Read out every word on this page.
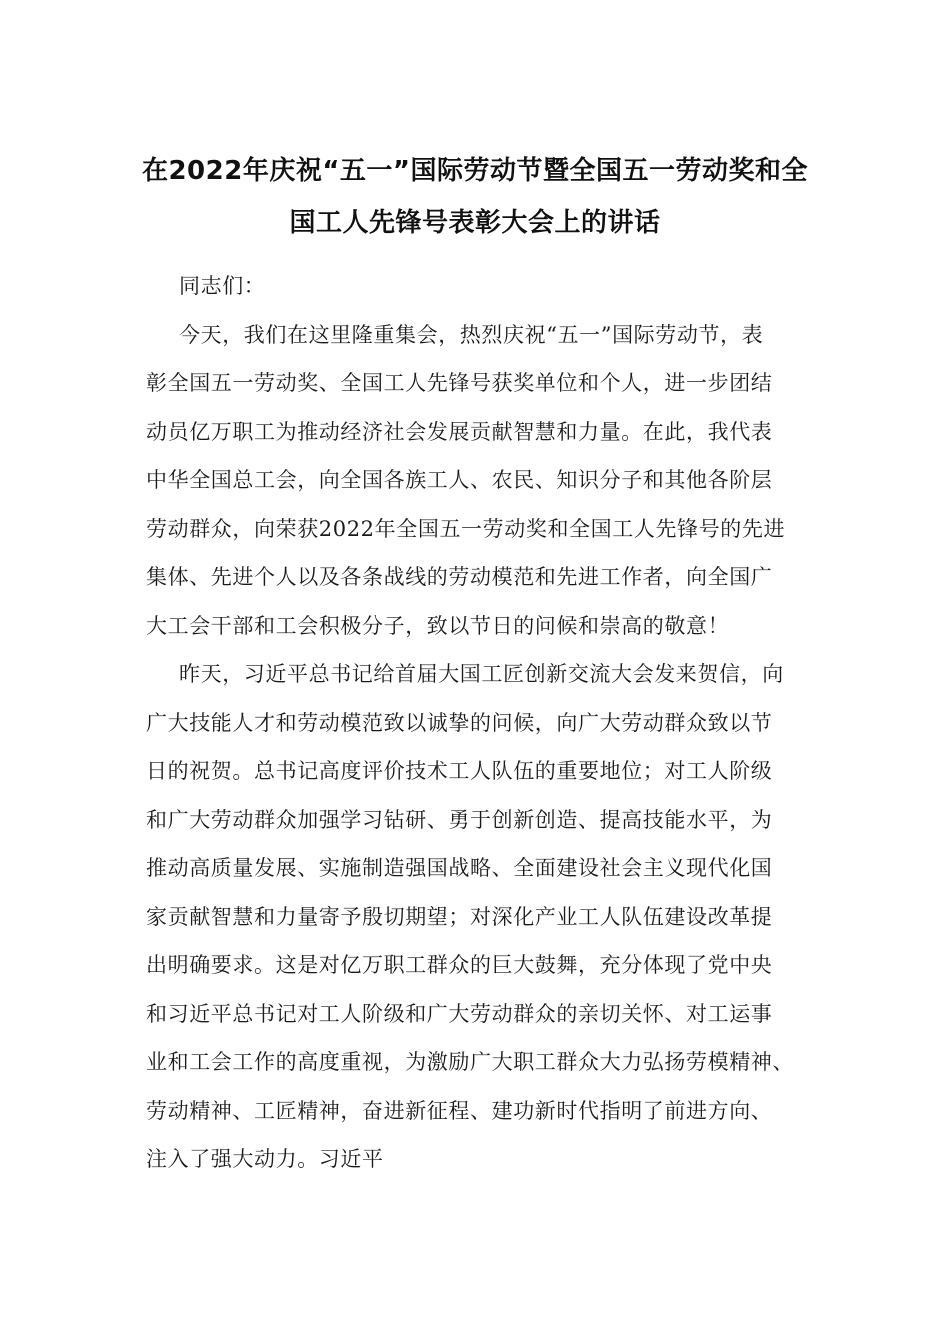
在2022年庆祝“五一”国际劳动节暨全国五一劳动奖和全
国工人先锋号表彰大会上的讲话
同志们：
今天，我们在这里隆重集会，热烈庆祝“五一”国际劳动节，表
彰全国五一劳动奖、全国工人先锋号获奖单位和个人，进一步团结
动员亿万职工为推动经济社会发展贡献智慧和力量。在此，我代表
中华全国总工会，向全国各族工人、农民、知识分子和其他各阶层
劳动群众，向荣获2022年全国五一劳动奖和全国工人先锋号的先进
集体、先进个人以及各条战线的劳动模范和先进工作者，向全国广
大工会干部和工会积极分子，致以节日的问候和崇高的敬意！
昨天，习近平总书记给首届大国工匠创新交流大会发来贺信，向
广大技能人才和劳动模范致以诚挚的问候，向广大劳动群众致以节
日的祝贺。总书记高度评价技术工人队伍的重要地位；对工人阶级
和广大劳动群众加强学习钻研、勇于创新创造、提高技能水平，为
推动高质量发展、实施制造强国战略、全面建设社会主义现代化国
家贡献智慧和力量寄予殷切期望；对深化产业工人队伍建设改革提
出明确要求。这是对亿万职工群众的巨大鼓舞，充分体现了党中央
和习近平总书记对工人阶级和广大劳动群众的亲切关怀、对工运事
业和工会工作的高度重视，为激励广大职工群众大力弘扬劳模精神、
劳动精神、工匠精神，奋进新征程、建功新时代指明了前进方向、
注入了强大动力。习近平
